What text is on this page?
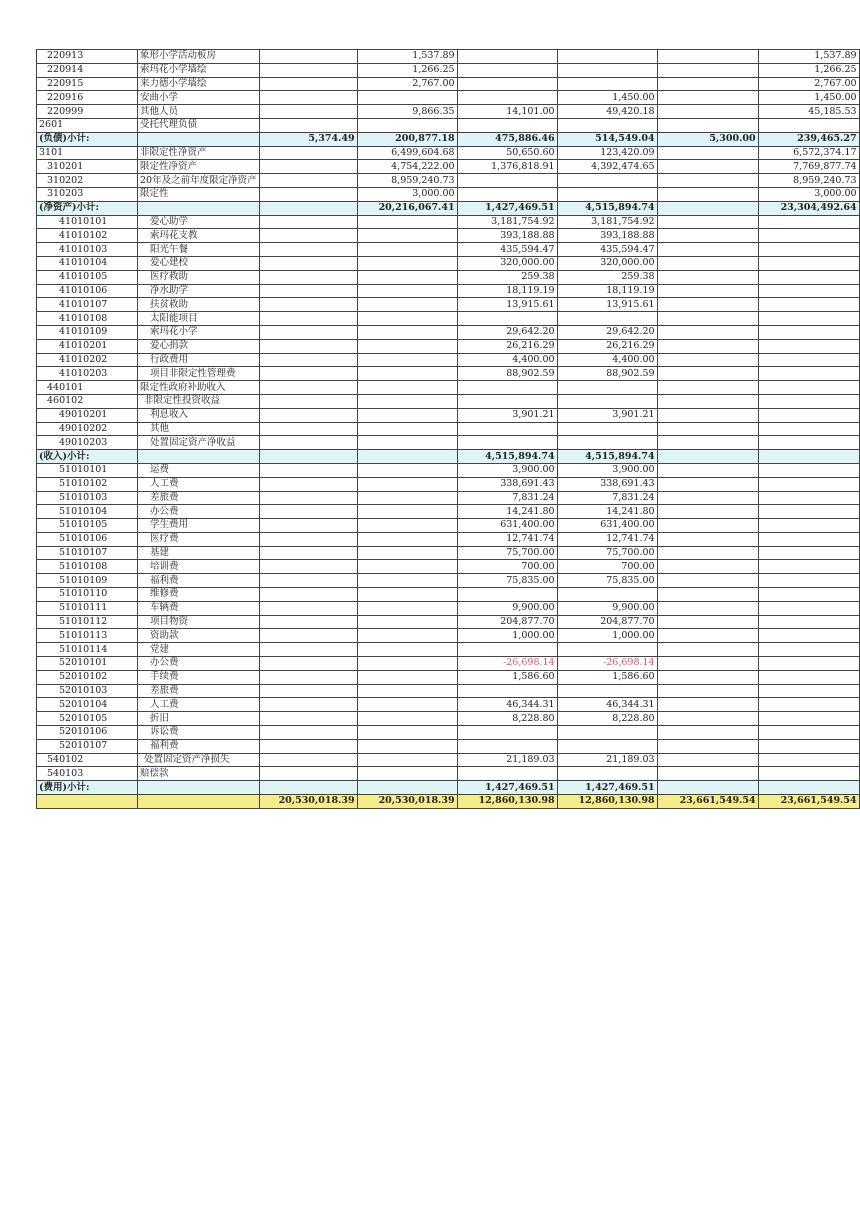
220913	象形小学活动板房		1,537.89				1,537.89
220914	索玛花小学墙绘		1,266.25				1,266.25
220915	来力德小学墙绘		2,767.00				2,767.00
220916	安曲小学				1,450.00		1,450.00
220999	其他人员		9,866.35	14,101.00	49,420.18		45,185.53
2601	受托代理负债						
(负债)小计:		5,374.49	200,877.18	475,886.46	514,549.04	5,300.00	239,465.27
3101	非限定性净资产		6,499,604.68	50,650.60	123,420.09		6,572,374.17
310201	限定性净资产		4,754,222.00	1,376,818.91	4,392,474.65		7,769,877.74
310202	20年及之前年度限定净资产		8,959,240.73				8,959,240.73
310203	限定性		3,000.00				3,000.00
(净资产)小计:			20,216,067.41	1,427,469.51	4,515,894.74		23,304,492.64
41010101	爱心助学			3,181,754.92	3,181,754.92		
41010102	索玛花支教			393,188.88	393,188.88		
41010103	阳光午餐			435,594.47	435,594.47		
41010104	爱心建校			320,000.00	320,000.00		
41010105	医疗救助			259.38	259.38		
41010106	净水助学			18,119.19	18,119.19		
41010107	扶贫救助			13,915.61	13,915.61		
41010108	太阳能项目						
41010109	索玛花小学			29,642.20	29,642.20		
41010201	爱心捐款			26,216.29	26,216.29		
41010202	行政费用			4,400.00	4,400.00		
41010203	项目非限定性管理费			88,902.59	88,902.59		
440101	限定性政府补助收入						
460102	非限定性投资收益						
49010201	利息收入			3,901.21	3,901.21		
49010202	其他						
49010203	处置固定资产净收益						
(收入)小计:				4,515,894.74	4,515,894.74		
51010101	运费			3,900.00	3,900.00		
51010102	人工费			338,691.43	338,691.43		
51010103	差旅费			7,831.24	7,831.24		
51010104	办公费			14,241.80	14,241.80		
51010105	学生费用			631,400.00	631,400.00		
51010106	医疗费			12,741.74	12,741.74		
51010107	基建			75,700.00	75,700.00		
51010108	培训费			700.00	700.00		
51010109	福利费			75,835.00	75,835.00		
51010110	维修费						
51010111	车辆费			9,900.00	9,900.00		
51010112	项目物资			204,877.70	204,877.70		
51010113	资助款			1,000.00	1,000.00		
51010114	党建						
52010101	办公费			-26,698.14	-26,698.14		
52010102	手续费			1,586.60	1,586.60		
52010103	差旅费						
52010104	人工费			46,344.31	46,344.31		
52010105	折旧			8,228.80	8,228.80		
52010106	诉讼费						
52010107	福利费						
540102	处置固定资产净损失			21,189.03	21,189.03		
540103	赔偿款						
(费用)小计:				1,427,469.51	1,427,469.51		
		20,530,018.39	20,530,018.39	12,860,130.98	12,860,130.98	23,661,549.54	23,661,549.54
